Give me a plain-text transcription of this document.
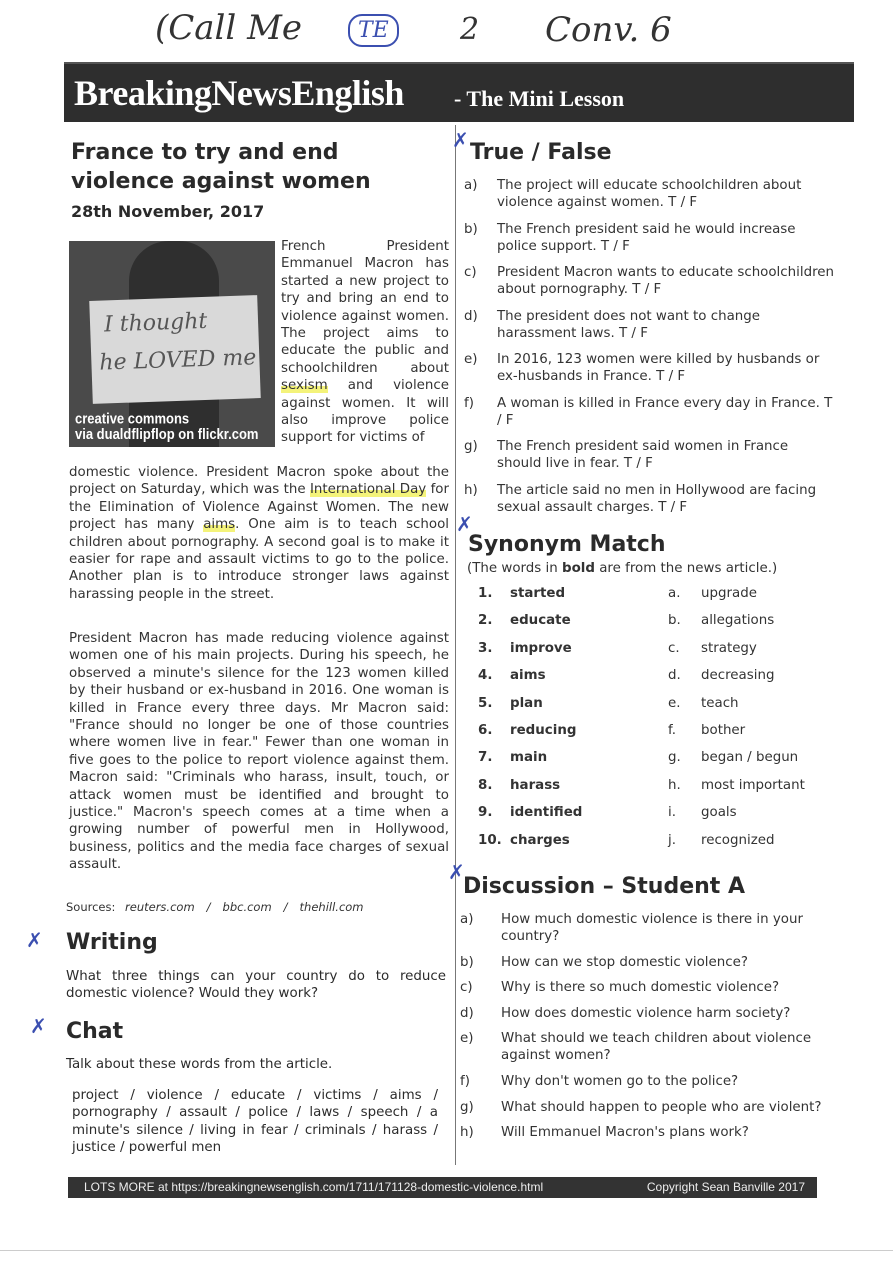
(Call Me	TE	2 Conv. 6
BreakingNewsEnglish - The Mini Lesson
France to try and end violence against women
28th November, 2017
I thought
he LOVED me
creative commons
via dualdflipflop on flickr.com
French President Emmanuel Macron has started a new project to try and bring an end to violence against women. The project aims to educate the public and schoolchildren about sexism and violence against women. It will also improve police support for victims of
domestic violence. President Macron spoke about the project on Saturday, which was the International Day for the Elimination of Violence Against Women. The new project has many aims. One aim is to teach school children about pornography. A second goal is to make it easier for rape and assault victims to go to the police. Another plan is to introduce stronger laws against harassing people in the street.
President Macron has made reducing violence against women one of his main projects. During his speech, he observed a minute's silence for the 123 women killed by their husband or ex-husband in 2016. One woman is killed in France every three days. Mr Macron said: "France should no longer be one of those countries where women live in fear." Fewer than one woman in five goes to the police to report violence against them. Macron said: "Criminals who harass, insult, touch, or attack women must be identified and brought to justice." Macron's speech comes at a time when a growing number of powerful men in Hollywood, business, politics and the media face charges of sexual assault.
Sources: reuters.com / bbc.com / thehill.com
✗ Writing
What three things can your country do to reduce domestic violence? Would they work?
✗ Chat
Talk about these words from the article.
project / violence / educate / victims / aims / pornography / assault / police / laws / speech / a minute's silence / living in fear / criminals / harass / justice / powerful men
✗ True / False
a)	The project will educate schoolchildren about violence against women. T / F
b)	The French president said he would increase police support. T / F
c)	President Macron wants to educate schoolchildren about pornography. T / F
d)	The president does not want to change harassment laws. T / F
e)	In 2016, 123 women were killed by husbands or ex-husbands in France. T / F
f)	A woman is killed in France every day in France. T / F
g)	The French president said women in France should live in fear. T / F
h)	The article said no men in Hollywood are facing sexual assault charges. T / F
✗
Synonym Match
(The words in bold are from the news article.)
1.	started	a.	upgrade
2.	educate	b.	allegations
3.	improve	c.	strategy
4.	aims	d.	decreasing
5.	plan	e.	teach
6.	reducing	f.	bother
7.	main	g.	began / begun
8.	harass	h.	most important
9.	identified	i.	goals
10. charges	j.	recognized
✗
Discussion – Student A
a)	How much domestic violence is there in your country?
b)	How can we stop domestic violence?
c)	Why is there so much domestic violence?
d)	How does domestic violence harm society?
e)	What should we teach children about violence against women?
f)	Why don't women go to the police?
g)	What should happen to people who are violent?
h)	Will Emmanuel Macron's plans work?
LOTS MORE at https://breakingnewsenglish.com/1711/171128-domestic-violence.html	Copyright Sean Banville 2017
